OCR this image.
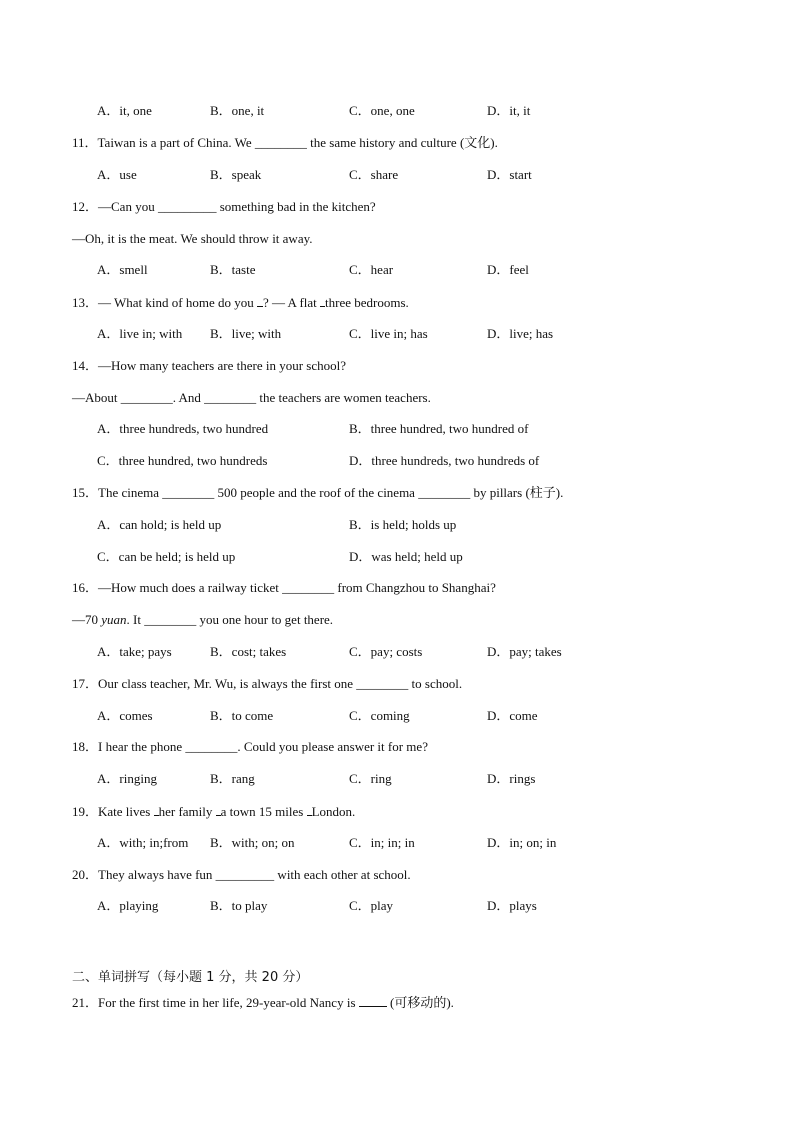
A．it, one	B．one, it	C．one, one	D．it, it
11．Taiwan is a part of China. We ________ the same history and culture (文化).
A．use	B．speak	C．share	D．start
12．—Can you _________ something bad in the kitchen?
—Oh, it is the meat. We should throw it away.
A．smell	B．taste	C．hear	D．feel
13．— What kind of home do you ? — A flat three bedrooms.
A．live in; with B．live; with	C．live in; has	D．live; has
14．—How many teachers are there in your school?
—About ________. And ________ the teachers are women teachers.
A．three hundreds, two hundred	B．three hundred, two hundred of
C．three hundred, two hundreds	D．three hundreds, two hundreds of
15．The cinema ________ 500 people and the roof of the cinema ________ by pillars (柱子).
A．can hold; is held up	B．is held; holds up
C．can be held; is held up	D．was held; held up
16．—How much does a railway ticket ________ from Changzhou to Shanghai?
—70 yuan. It ________ you one hour to get there.
A．take; pays	B．cost; takes	C．pay; costs	D．pay; takes
17．Our class teacher, Mr. Wu, is always the first one ________ to school.
A．comes	B．to come	C．coming	D．come
18．I hear the phone ________. Could you please answer it for me?
A．ringing	B．rang	C．ring	D．rings
19．Kate lives her family a town 15 miles London.
A．with; in;from B．with; on; on	C．in; in; in	D．in; on; in
20．They always have fun _________ with each other at school.
A．playing	B．to play	C．play	D．plays
二、单词拼写（每小题 1 分，共 20 分）
21．For the first time in her life, 29-year-old Nancy is  (可移动的).
